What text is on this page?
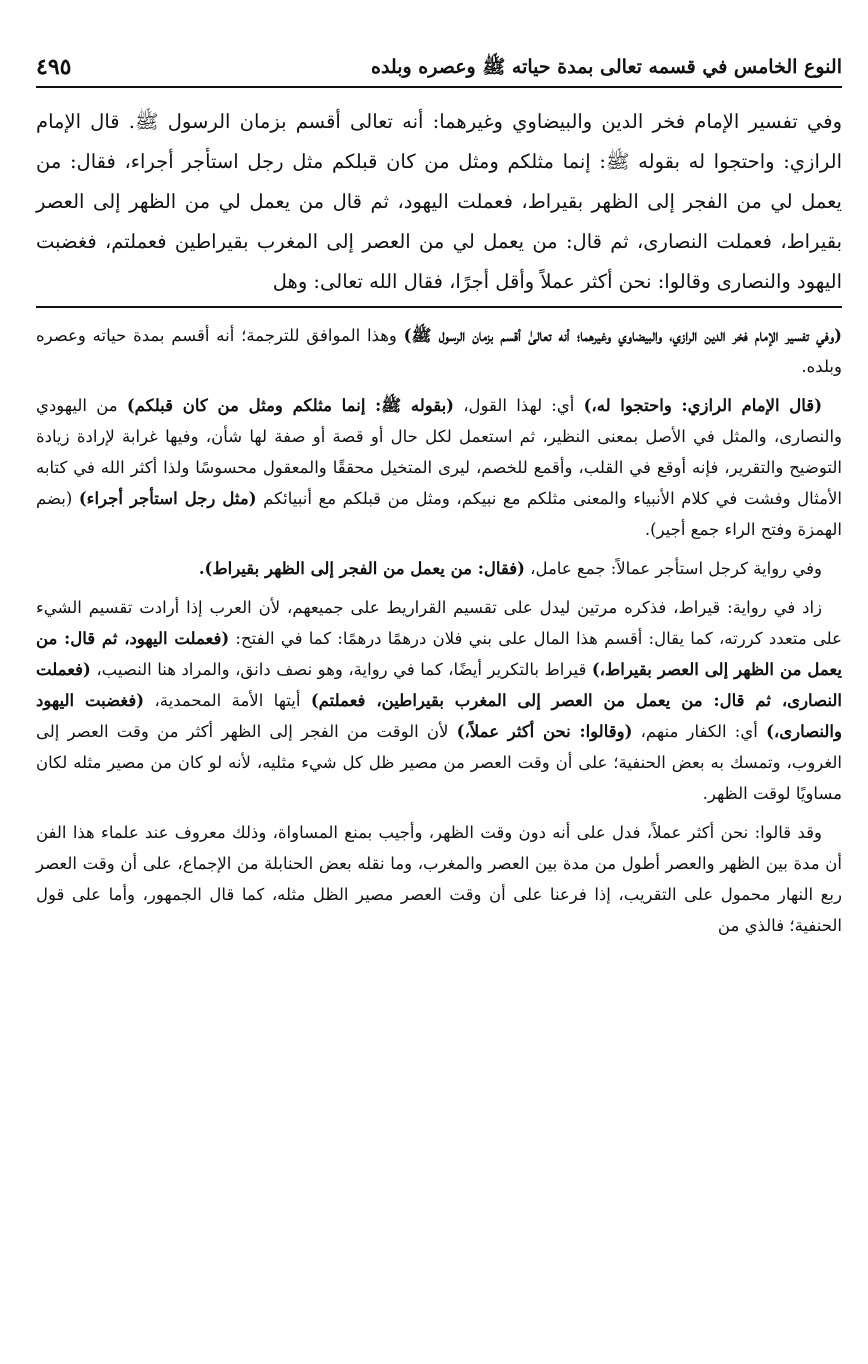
النوع الخامس في قسمه تعالى بمدة حياته ﷺ وعصره وبلده
٤٩٥
وفي تفسير الإمام فخر الدين والبيضاوي وغيرهما: أنه تعالى أقسم بزمان الرسول ﷺ. قال الإمام الرازي: واحتجوا له بقوله ﷺ: إنما مثلكم ومثل من كان قبلكم مثل رجل استأجر أجراء، فقال: من يعمل لي من الفجر إلى الظهر بقيراط، فعملت اليهود، ثم قال من يعمل لي من الظهر إلى العصر بقيراط، فعملت النصارى، ثم قال: من يعمل لي من العصر إلى المغرب بقيراطين فعملتم، فغضبت اليهود والنصارى وقالوا: نحن أكثر عملاً وأقل أجرًا، فقال الله تعالى: وهل

(وفي تفسير الإمام فخر الدين الرازي، والبيضاوي وغيرهما؛ أنه تعالىٰ أقسم بزمان الرسول ﷺ) وهذا الموافق للترجمة؛ أنه أقسم بمدة حياته وعصره وبلده.

(قال الإمام الرازي: واحتجوا له،) أي: لهذا القول، (بقوله ﷺ: إنما مثلكم ومثل من كان قبلكم) من اليهودي والنصارى، والمثل في الأصل بمعنى النظير، ثم استعمل لكل حال أو قصة أو صفة لها شأن، وفيها غرابة لإرادة زيادة التوضيح والتقرير، فإنه أوقع في القلب، وأقمع للخصم، ليرى المتخيل محققًا والمعقول محسوسًا ولذا أكثر الله في كتابه الأمثال وفشت في كلام الأنبياء والمعنى مثلكم مع نبيكم، ومثل من قبلكم مع أنبيائكم (مثل رجل استأجر أجراء) (بضم الهمزة وفتح الراء جمع أجير).

وفي رواية كرجل استأجر عمالاً: جمع عامل، (فقال: من يعمل من الفجر إلى الظهر بقيراط).

زاد في رواية: قيراط، فذكره مرتين ليدل على تقسيم القراريط على جميعهم، لأن العرب إذا أرادت تقسيم الشيء على متعدد كررته، كما يقال: أقسم هذا المال على بني فلان درهمًا درهمًا: كما في الفتح: (فعملت اليهود، ثم قال: من يعمل من الظهر إلى العصر بقيراط،) قيراط بالتكرير أيضًا، كما في رواية، وهو نصف دانق، والمراد هنا النصيب، (فعملت النصارى، ثم قال: من يعمل من العصر إلى المغرب بقيراطين، فعملتم) أيتها الأمة المحمدية، (فغضبت اليهود والنصارى،) أي: الكفار منهم، (وقالوا: نحن أكثر عملاً،) لأن الوقت من الفجر إلى الظهر أكثر من وقت العصر إلى الغروب، وتمسك به بعض الحنفية؛ على أن وقت العصر من مصير ظل كل شيء مثليه، لأنه لو كان من مصير مثله لكان مساويًا لوقت الظهر.

وقد قالوا: نحن أكثر عملاً، فدل على أنه دون وقت الظهر، وأجيب بمنع المساواة، وذلك معروف عند علماء هذا الفن أن مدة بين الظهر والعصر أطول من مدة بين العصر والمغرب، وما نقله بعض الحنابلة من الإجماع، على أن وقت العصر ربع النهار محمول على التقريب، إذا فرعنا على أن وقت العصر مصير الظل مثله، كما قال الجمهور، وأما على قول الحنفية؛ فالذي من
